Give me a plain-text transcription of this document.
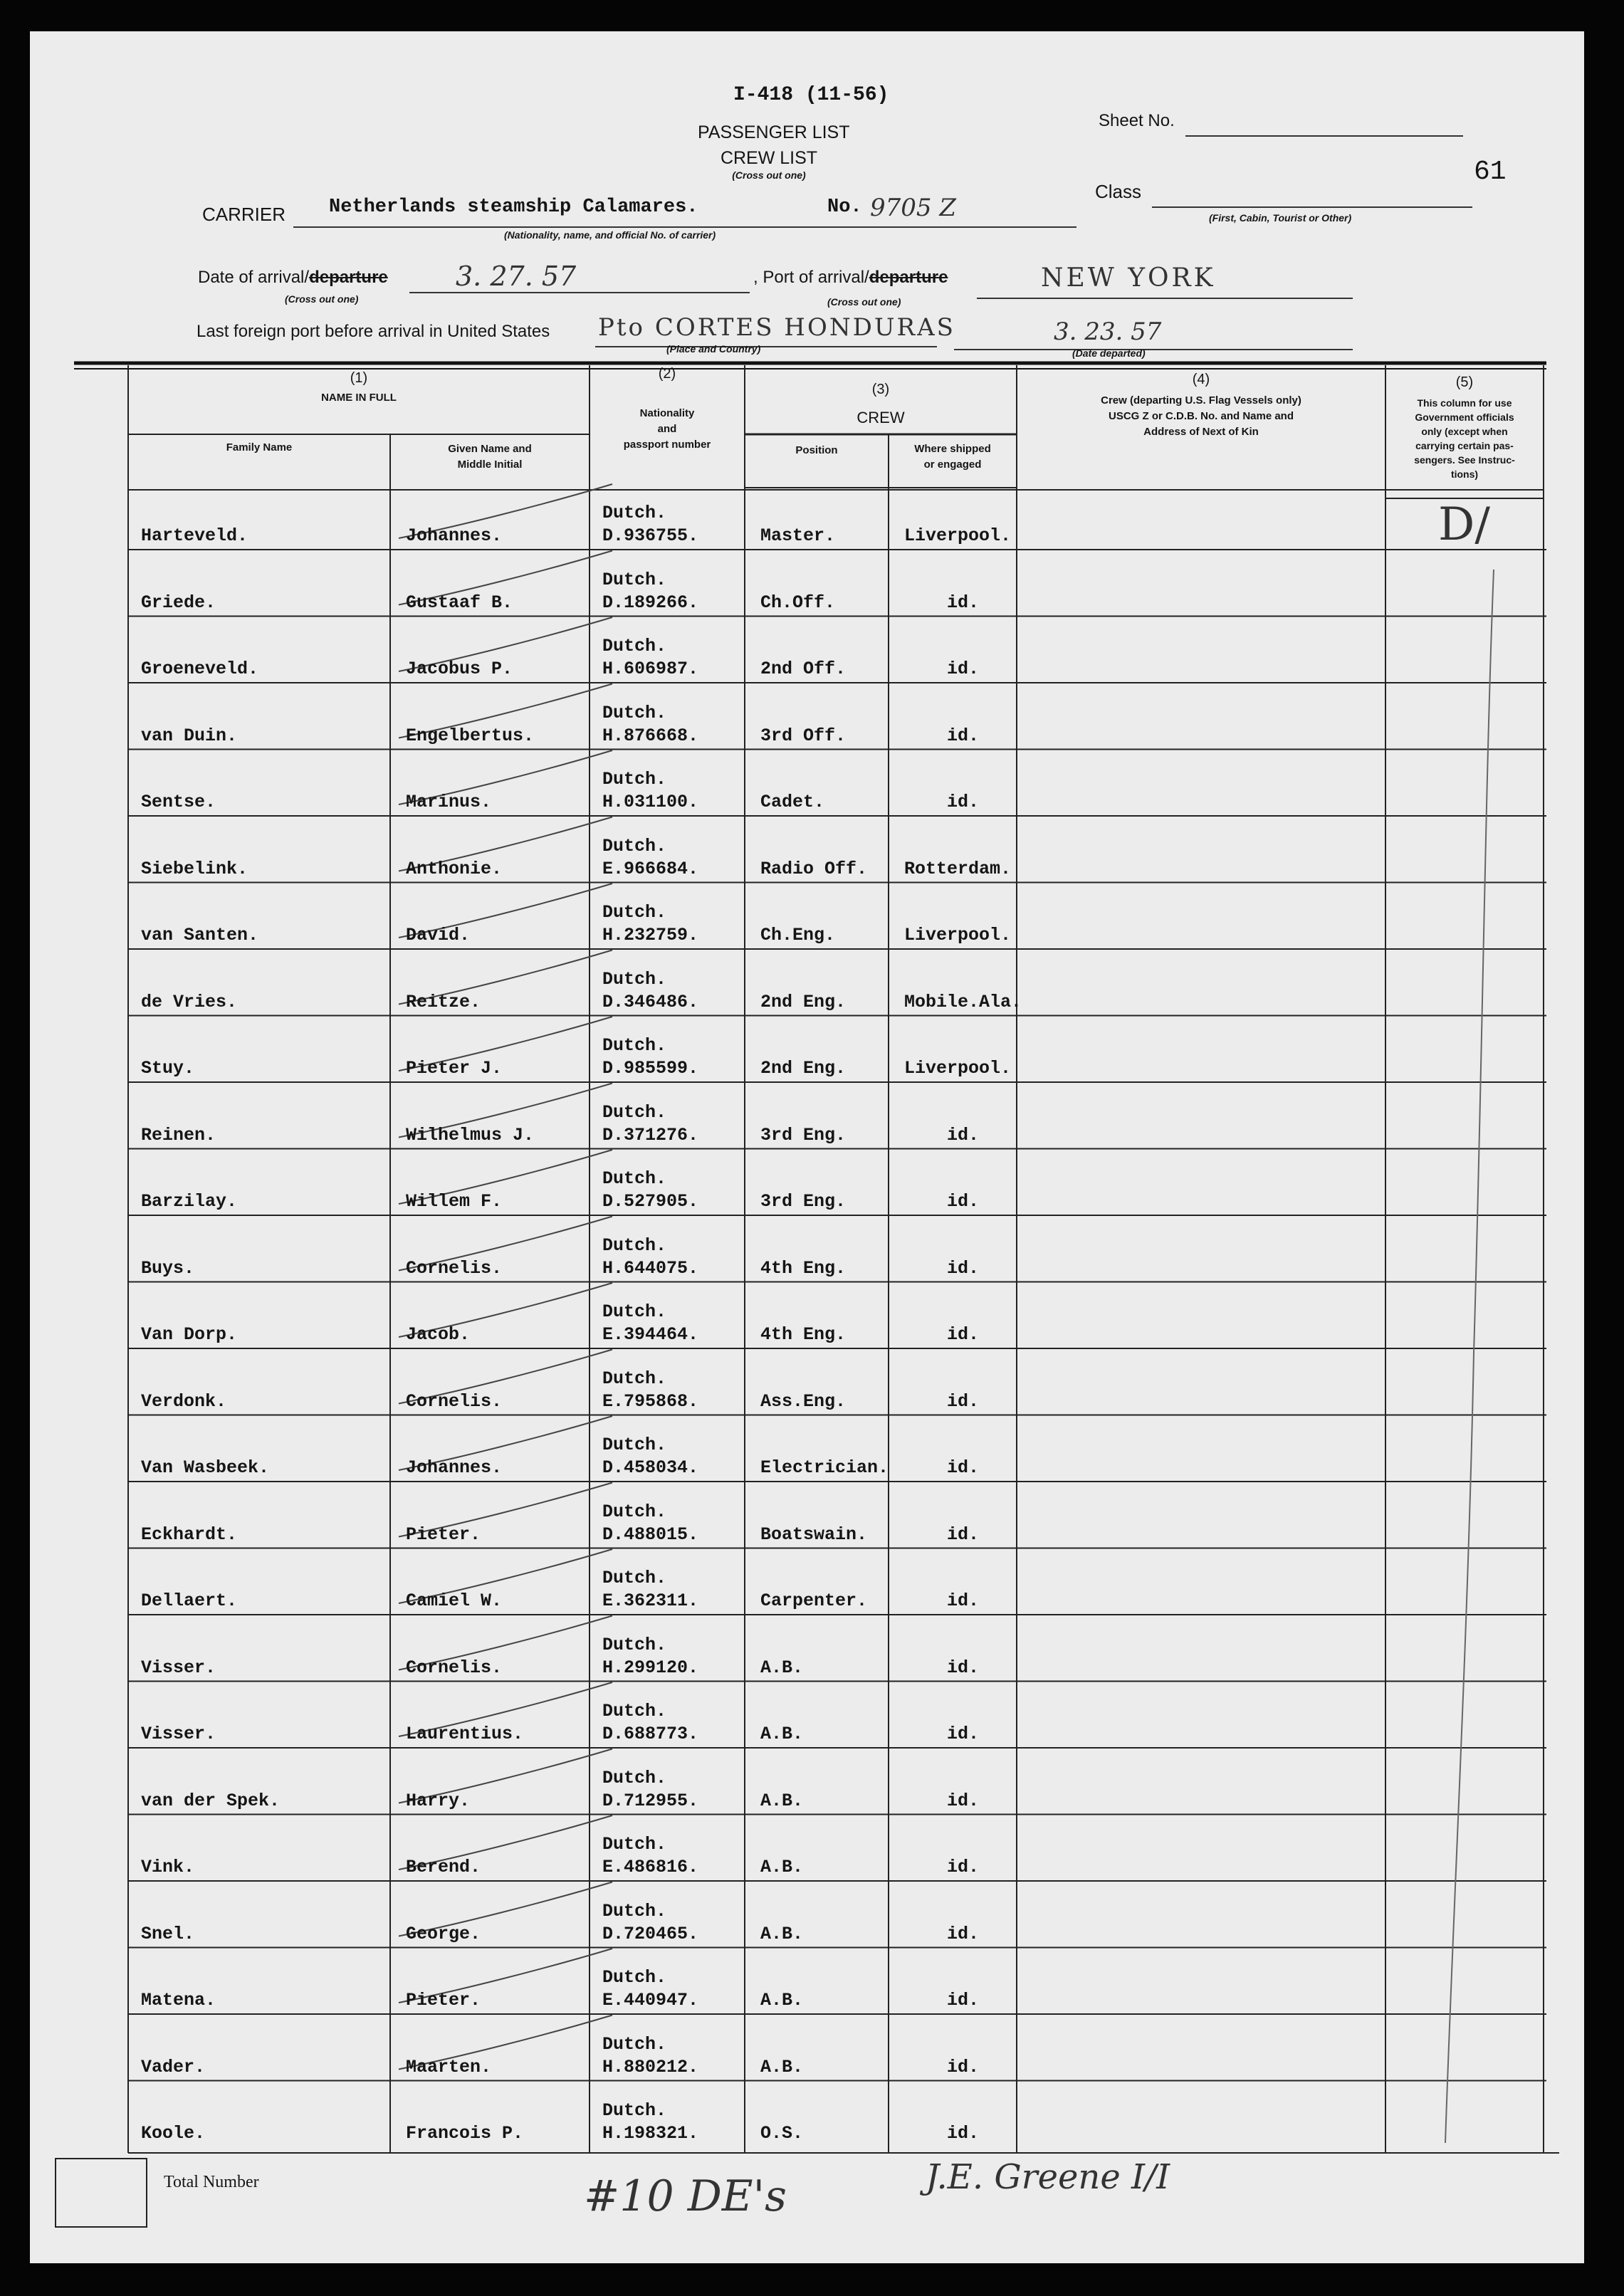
I-418 (11-56)
PASSENGER LIST
CREW LIST
(Cross out one)
Sheet No.
61
Class
(First, Cabin, Tourist or Other)
CARRIER Netherlands steamship Calamares.	No. 9705 Z
(Nationality, name, and official No. of carrier)
Date of arrival/departure	3. 27. 57
(Cross out one)
, Port of arrival/departure	NEW YORK
(Cross out one)
Last foreign port before arrival in United States Pto CORTES HONDURAS
(Place and Country)
3. 23. 57
(Date departed)
(1)
NAME IN FULL
Family Name	Given Name and
Middle Initial
(2)
Nationality
and
passport number
(3)
CREW
Position	Where shipped
or engaged
(4)
Crew (departing U.S. Flag Vessels only)
USCG Z or C.D.B. No. and Name and
Address of Next of Kin
(5)
This column for use
Government officials
only (except when
carrying certain pas-
sengers. See Instruc-
tions)
D/
Harteveld.	Johannes.
Dutch.
D.936755.	Master.	Liverpool.
Griede.	Gustaaf B.
Dutch.
D.189266.	Ch.Off.	id.
Groeneveld.	Jacobus P.
Dutch.
H.606987.	2nd Off.	id.
van Duin.	Engelbertus.
Dutch.
H.876668.	3rd Off.	id.
Sentse.	Marinus.
Dutch.
H.031100.	Cadet.	id.
Siebelink.	Anthonie.
Dutch.
E.966684.	Radio Off. Rotterdam.
van Santen.	David.
Dutch.
H.232759.	Ch.Eng.	Liverpool.
de Vries.	Reitze.
Dutch.
D.346486.	2nd Eng.	Mobile.Ala.
Stuy.	Pieter J.
Dutch.
D.985599.	2nd Eng.	Liverpool.
Reinen.	Wilhelmus J.
Dutch.
D.371276.	3rd Eng.	id.
Barzilay.	Willem F.
Dutch.
D.527905.	3rd Eng.	id.
Buys.	Cornelis.
Dutch.
H.644075.	4th Eng.	id.
Van Dorp.	Jacob.
Dutch.
E.394464.	4th Eng.	id.
Verdonk.	Cornelis.
Dutch.
E.795868.	Ass.Eng.	id.
Van Wasbeek.	Johannes.
Dutch.
D.458034.	Electrician.	id.
Eckhardt.	Pieter.
Dutch.
D.488015.	Boatswain.	id.
Dellaert.	Camiel W.
Dutch.
E.362311.	Carpenter.	id.
Visser.	Cornelis.
Dutch.
H.299120.	A.B.	id.
Visser.	Laurentius.
Dutch.
D.688773.	A.B.	id.
van der Spek.	Harry.
Dutch.
D.712955.	A.B.	id.
Vink.	Berend.
Dutch.
E.486816.	A.B.	id.
Snel.	George.
Dutch.
D.720465.	A.B.	id.
Matena.	Pieter.
Dutch.
E.440947.	A.B.	id.
Vader.	Maarten.
Dutch.
H.880212.	A.B.	id.
Koole.	Francois P.
Dutch.
H.198321.	O.S.	id.
Total Number	#10 DE's	J.E. Greene I/I
